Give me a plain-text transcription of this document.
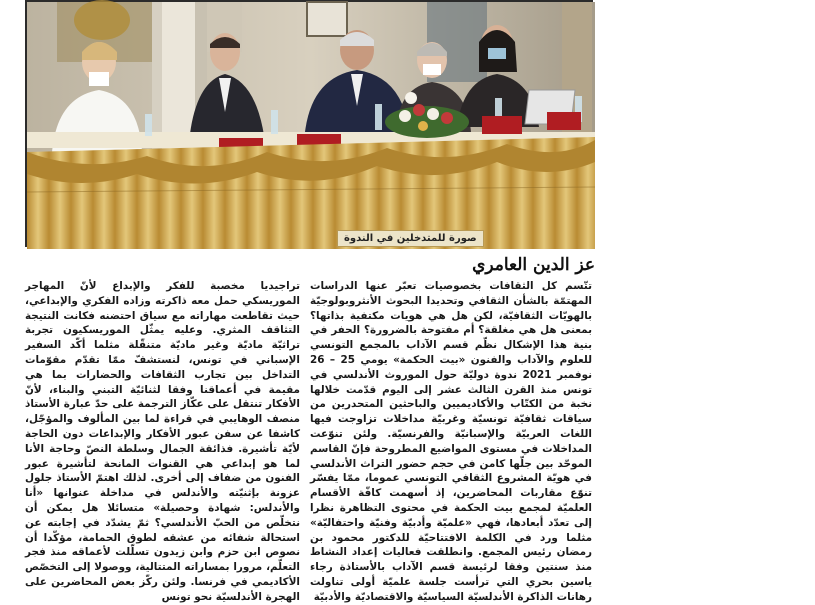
صورة للمتدخلين في الندوة
عز الدين العامري

تتّسم كل الثقافات بخصوصيات تعبّر عنها الدراسات المهتمّة بالشأن الثقافي وتحديدا البحوث الأنثروبولوجيّة بالهويّات الثقافيّة، لكن هل هي هويات مكتفية بذاتها؟ بمعنى هل هي مغلقة؟ أم مفتوحة بالضرورة؟ الحفر في بنية هذا الإشكال نظّم قسم الآداب بالمجمع التونسي للعلوم والآداب والفنون «بيت الحكمة» يومي 25 – 26 نوفمبر 2021 ندوة دوليّة حول الموروث الأندلسي في تونس منذ القرن الثالث عشر إلى اليوم قدّمت خلالها نخبة من الكتّاب والأكاديميين والباحثين المتحدرين من سياقات ثقافيّة تونسيّة وغربيّة مداخلات تزاوجت فيها اللغات العربيّة والإسبانيّة والفرنسيّة. ولئن تنوّعت المداخلات في مستوى المواضيع المطروحة فإنّ القاسم الموحّد بين جلّها كامن في حجم حضور التراث الأندلسي في هويّة المشروع الثقافي التونسي عموما، ممّا يفسّر تنوّع مقاربات المحاضرين، إذ أسهمت كافّة الأقسام العلميّة لمجمع بيت الحكمة في محتوى التظاهرة نظرا إلى تعدّد أبعادها، فهي «علميّة وأدبيّة وفنيّة واحتفاليّة» مثلما ورد في الكلمة الافتتاحيّة للدكتور محمود بن رمضان رئيس المجمع. وانطلقت فعاليات إعداد النشاط منذ سنتين وفقا لرئيسة قسم الآداب بالأستاذة رجاء ياسين بحري التي ترأست جلسة علميّة أولى تناولت رهانات الذاكرة الأندلسيّة السياسيّة والاقتصاديّة والأدبيّة

تراجيديا مخصبة للفكر والإبداع لأنّ المهاجر الموريسكي حمل معه ذاكرته وزاده الفكري والإبداعي، حيث تقاطعت مهاراته مع سياق احتضنه فكانت النتيجة التثاقف المثري. وعليه يمثّل الموريسكيون تجربة تراثيّة ماديّة وغير ماديّة متنقّلة مثلما أكّد السفير الإسباني في تونس، لنستشفّ ممّا تقدّم مقوّمات التداخل بين تجارب الثقافات والحضارات بما هي مقيمة في أعماقنا وفقا لثنائيّة التبني والبناء، لأنّ الأفكار تنتقل على عكّاز الترجمة على حدّ عبارة الأستاذ منصف الوهايبي في قراءة لما بين المألوف والمؤجّل، كاشفا عن سفن عبور الأفكار والإبداعات دون الحاجة لأيّة تأشيرة. فذائقة الجمال وسلطة النصّ وحاجة الأنا لما هو إبداعي هي القنوات المانحة لتأشيرة عبور الفنون من ضفاف إلى أخرى. لذلك اهتمّ الأستاذ جلول عزونة بإثنيّته والأندلس في مداخلة عنوانها «أنا والأندلس: شهادة وحصيلة» متسائلا هل يمكن أن نتخلّص من الحبّ الأندلسي؟ ثمّ يشدّد في إجابته عن استحالة شفائه من عشقه لطوق الحمامة، مؤكّدا أن نصوص ابن حزم وابن زيدون تسلّلت لأعماقه منذ فجر التعلّم، مرورا بمساراته المتتالية، ووصولا إلى التخصّص الأكاديمي في فرنسا. ولئن ركّز بعض المحاضرين على الهجرة الأندلسيّة نحو تونس
